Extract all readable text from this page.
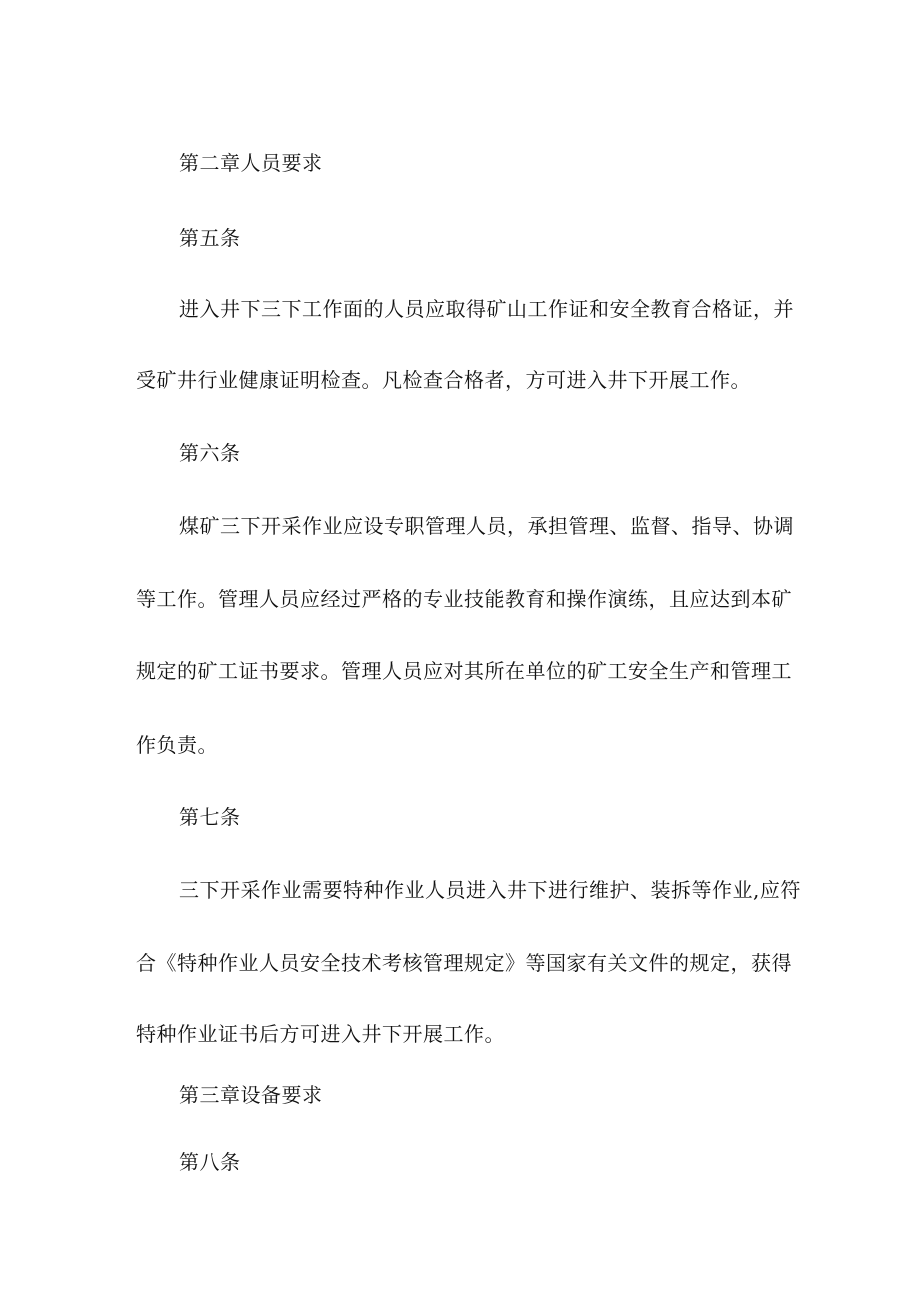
第二章人员要求
第五条
进入井下三下工作面的人员应取得矿山工作证和安全教育合格证，并
受矿井行业健康证明检查。凡检查合格者，方可进入井下开展工作。
第六条
煤矿三下开采作业应设专职管理人员，承担管理、监督、指导、协调
等工作。管理人员应经过严格的专业技能教育和操作演练，且应达到本矿
规定的矿工证书要求。管理人员应对其所在单位的矿工安全生产和管理工
作负责。
第七条
三下开采作业需要特种作业人员进入井下进行维护、装拆等作业,应符
合《特种作业人员安全技术考核管理规定》等国家有关文件的规定，获得
特种作业证书后方可进入井下开展工作。
第三章设备要求
第八条
